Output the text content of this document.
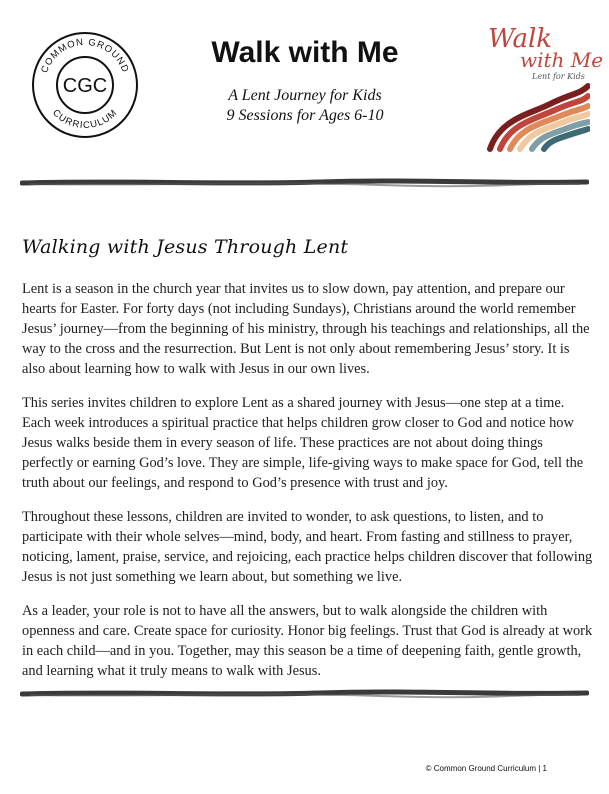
COMMON GROUND
CURRICULUM
CGC
Walk with Me
A Lent Journey for Kids
9 Sessions for Ages 6-10
Walk
with Me
Lent for Kids
Walking with Jesus Through Lent

Lent is a season in the church year that invites us to slow down, pay attention, and prepare our hearts for Easter. For forty days (not including Sundays), Christians around the world remember Jesus’ journey—from the beginning of his ministry, through his teachings and relationships, all the way to the cross and the resurrection. But Lent is not only about remembering Jesus’ story. It is also about learning how to walk with Jesus in our own lives.

This series invites children to explore Lent as a shared journey with Jesus—one step at a time. Each week introduces a spiritual practice that helps children grow closer to God and notice how Jesus walks beside them in every season of life. These practices are not about doing things perfectly or earning God’s love. They are simple, life-giving ways to make space for God, tell the truth about our feelings, and respond to God’s presence with trust and joy.

Throughout these lessons, children are invited to wonder, to ask questions, to listen, and to participate with their whole selves—mind, body, and heart. From fasting and stillness to prayer, noticing, lament, praise, service, and rejoicing, each practice helps children discover that following Jesus is not just something we learn about, but something we live.

As a leader, your role is not to have all the answers, but to walk alongside the children with openness and care. Create space for curiosity. Honor big feelings. Trust that God is already at work in each child—and in you. Together, may this season be a time of deepening faith, gentle growth, and learning what it truly means to walk with Jesus.

© Common Ground Curriculum | 1
